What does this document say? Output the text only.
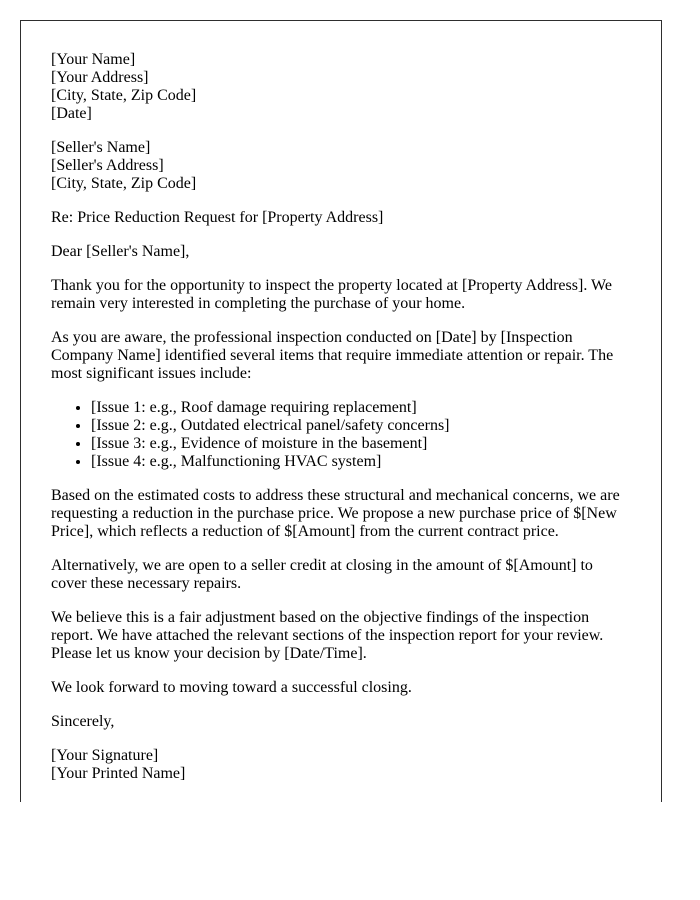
[Your Name]
[Your Address]
[City, State, Zip Code]
[Date]

[Seller's Name]
[Seller's Address]
[City, State, Zip Code]

Re: Price Reduction Request for [Property Address]

Dear [Seller's Name],

Thank you for the opportunity to inspect the property located at [Property Address]. We remain very interested in completing the purchase of your home.

As you are aware, the professional inspection conducted on [Date] by [Inspection Company Name] identified several items that require immediate attention or repair. The most significant issues include:

• [Issue 1: e.g., Roof damage requiring replacement]
• [Issue 2: e.g., Outdated electrical panel/safety concerns]
• [Issue 3: e.g., Evidence of moisture in the basement]
• [Issue 4: e.g., Malfunctioning HVAC system]

Based on the estimated costs to address these structural and mechanical concerns, we are requesting a reduction in the purchase price. We propose a new purchase price of $[New Price], which reflects a reduction of $[Amount] from the current contract price.

Alternatively, we are open to a seller credit at closing in the amount of $[Amount] to cover these necessary repairs.

We believe this is a fair adjustment based on the objective findings of the inspection report. We have attached the relevant sections of the inspection report for your review. Please let us know your decision by [Date/Time].

We look forward to moving toward a successful closing.

Sincerely,

[Your Signature]
[Your Printed Name]
